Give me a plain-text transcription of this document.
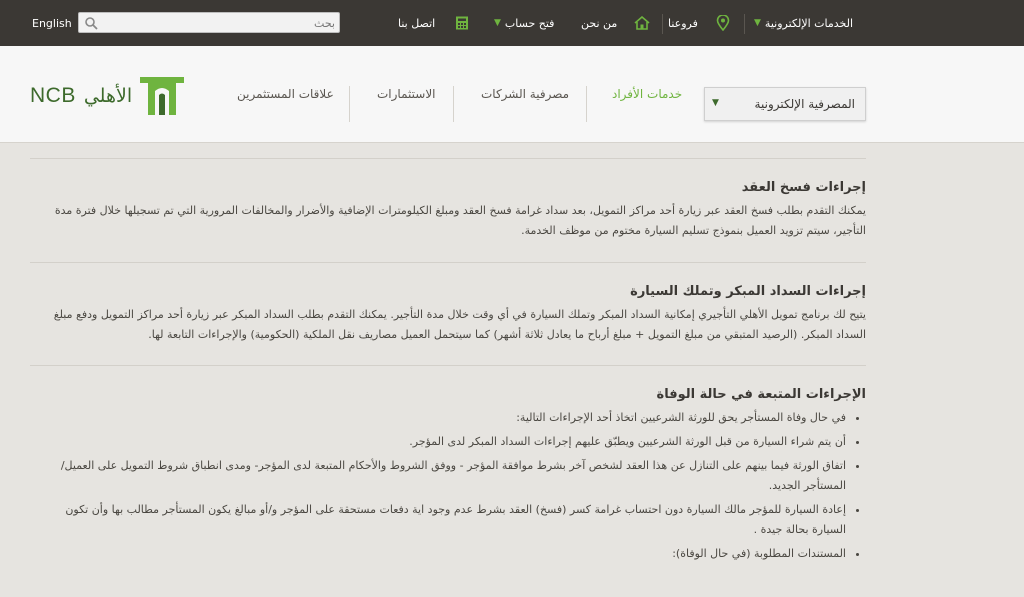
English
بحث	اتصل بنا	▼ فتح حساب من نحن	فروعنا	▼ الخدمات الإلكترونية
NCB الأهلي	علاقات المستثمرين	الاستثمارات	مصرفية الشركات	خدمات الأفراد
▼	المصرفية الإلكترونية
إجراءات فسخ العقد

يمكنك التقدم بطلب فسخ العقد عبر زيارة أحد مراكز التمويل، بعد سداد غرامة فسخ العقد ومبلغ الكيلومترات الإضافية والأضرار والمخالفات المرورية التي تم تسجيلها خلال فترة مدة التأجير، سيتم تزويد العميل بنموذج تسليم السيارة مختوم من موظف الخدمة.

إجراءات السداد المبكر وتملك السيارة

يتيح لك برنامج تمويل الأهلي التأجيري إمكانية السداد المبكر وتملك السيارة في أي وقت خلال مدة التأجير. يمكنك التقدم بطلب السداد المبكر عبر زيارة أحد مراكز التمويل ودفع مبلغ السداد المبكر. (الرصيد المتبقي من مبلغ التمويل + مبلغ أرباح ما يعادل ثلاثة أشهر) كما سيتحمل العميل مصاريف نقل الملكية (الحكومية) والإجراءات التابعة لها.

الإجراءات المتبعة في حالة الوفاة
• في حال وفاة المستأجر يحق للورثة الشرعيين اتخاذ أحد الإجراءات التالية:
• أن يتم شراء السيارة من قبل الورثة الشرعيين ويطبّق عليهم إجراءات السداد المبكر لدى المؤجر.
• اتفاق الورثة فيما بينهم على التنازل عن هذا العقد لشخص آخر بشرط موافقة المؤجر - ووفق الشروط والأحكام المتبعة لدى المؤجر- ومدى انطباق شروط التمويل على العميل/المستأجر الجديد.
• إعادة السيارة للمؤجر مالك السيارة دون احتساب غرامة كسر (فسخ) العقد بشرط عدم وجود اية دفعات مستحقة على المؤجر و/أو مبالغ يكون المستأجر مطالب بها وأن تكون السيارة بحالة جيدة .
• المستندات المطلوبة (في حال الوفاة):
